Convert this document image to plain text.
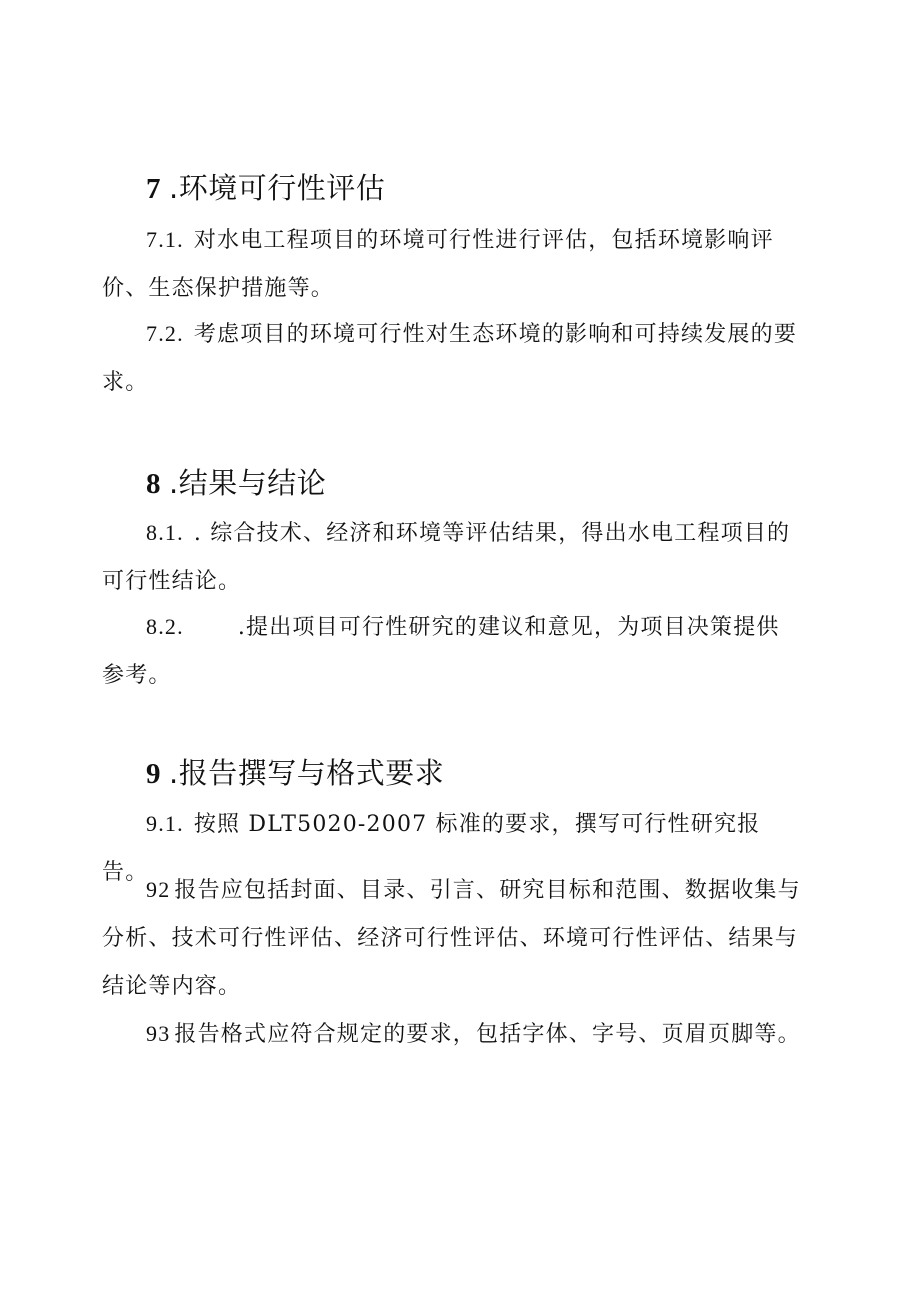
7 .环境可行性评估
7.1. 对水电工程项目的环境可行性进行评估，包括环境影响评价、生态保护措施等。
7.2. 考虑项目的环境可行性对生态环境的影响和可持续发展的要求。
8 .结果与结论
8.1. . 综合技术、经济和环境等评估结果，得出水电工程项目的可行性结论。
8.2. .提出项目可行性研究的建议和意见，为项目决策提供参考。
9 .报告撰写与格式要求
9.1. 按照 DLT5020-2007 标准的要求，撰写可行性研究报告。
92 报告应包括封面、目录、引言、研究目标和范围、数据收集与分析、技术可行性评估、经济可行性评估、环境可行性评估、结果与结论等内容。
93 报告格式应符合规定的要求，包括字体、字号、页眉页脚等。
